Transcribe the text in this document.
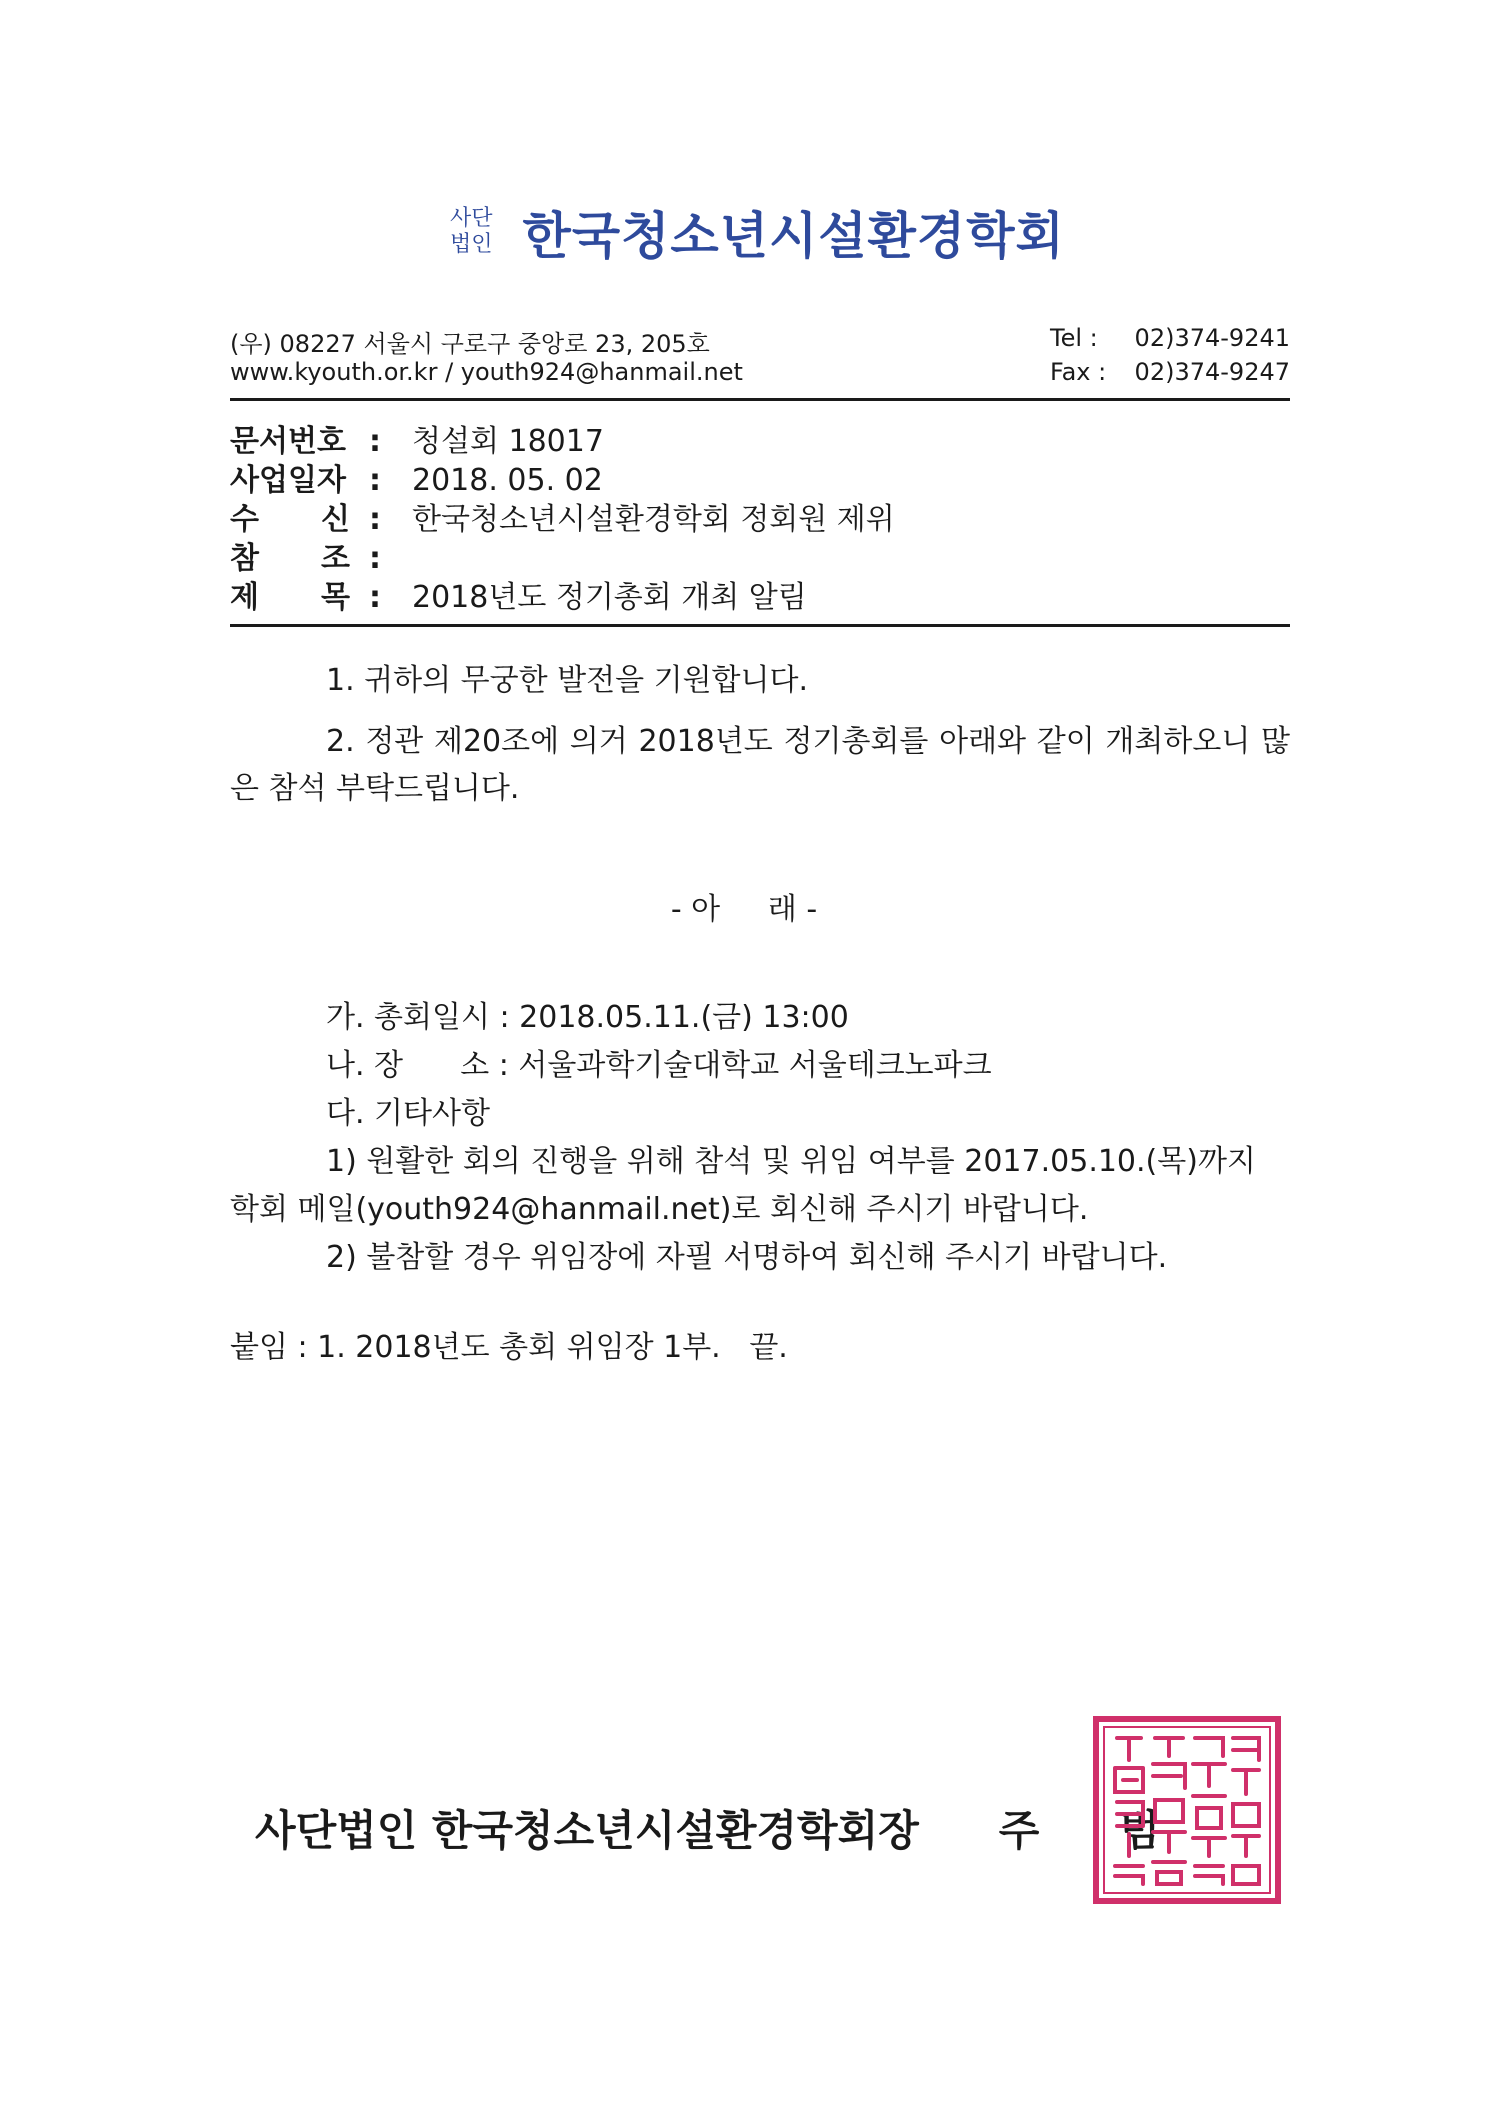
사단
법인 한국청소년시설환경학회
(우) 08227 서울시 구로구 중앙로 23, 205호
www.kyouth.or.kr / youth924@hanmail.net
Tel : 02)374-9241
Fax : 02)374-9247
문서번호 :	청설회 18017
사업일자 :	2018. 05. 02
수 신 :	한국청소년시설환경학회 정회원 제위
참 조 :
제 목 :	2018년도 정기총회 개최 알림
1. 귀하의 무궁한 발전을 기원합니다.
2. 정관 제20조에 의거 2018년도 정기총회를 아래와 같이 개최하오니 많
은 참석 부탁드립니다.
- 아     래 -
가. 총회일시 : 2018.05.11.(금) 13:00
나. 장      소 : 서울과학기술대학교 서울테크노파크
다. 기타사항
1) 원활한 회의 진행을 위해 참석 및 위임 여부를 2017.05.10.(목)까지
학회 메일(youth924@hanmail.net)로 회신해 주시기 바랍니다.
2) 불참할 경우 위임장에 자필 서명하여 회신해 주시기 바랍니다.
붙임 : 1. 2018년도 총회 위임장 1부.   끝.
사단법인 한국청소년시설환경학회장 주 범
